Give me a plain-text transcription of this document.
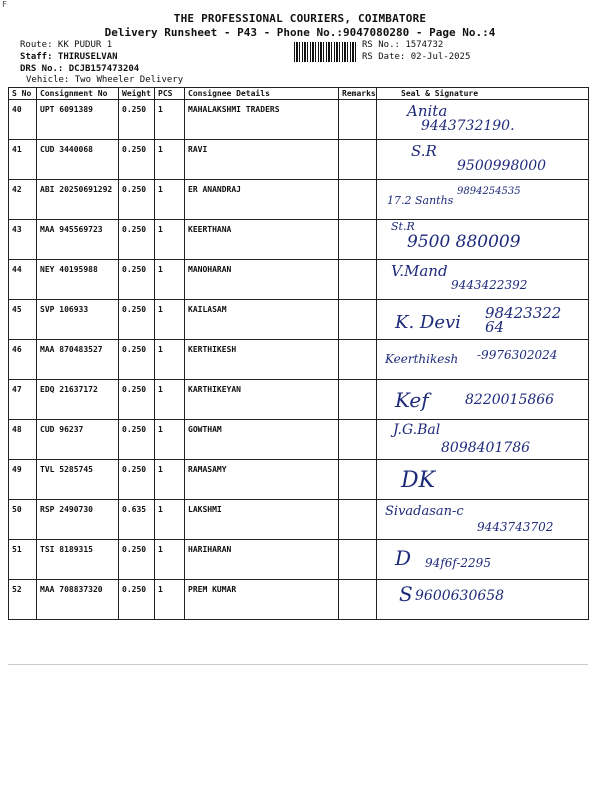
F
THE PROFESSIONAL COURIERS, COIMBATORE
Delivery Runsheet - P43 - Phone No.:9047080280 - Page No.:4
Route: KK PUDUR 1
Staff: THIRUSELVAN
DRS No.: DCJB157473204
Vehicle: Two Wheeler Delivery
RS No.: 1574732
RS Date: 02-Jul-2025
S No	Consignment No	Weight	PCS	Consignee Details	Remarks	Seal & Signature
40	UPT 6091389	0.250	1	MAHALAKSHMI TRADERS		Anita
9443732190.

41	CUD 3440068	0.250	1	RAVI		S.R
9500998000

42	ABI 20250691292	0.250	1	ER ANANDRAJ		17.2 Sanths
9894254535

43	MAA 945569723	0.250	1	KEERTHANA		St.R
9500 880009

44	NEY 40195988	0.250	1	MANOHARAN		V.Mand
9443422392

45	SVP 106933	0.250	1	KAILASAM		K. Devi 98423322 64

46	MAA 870483527	0.250	1	KERTHIKESH		Keerthikesh -9976302024

47	EDQ 21637172	0.250	1	KARTHIKEYAN		Kef 8220015866

48	CUD 96237	0.250	1	GOWTHAM		J.G.Bal
8098401786

49	TVL 5285745	0.250	1	RAMASAMY		DK

50	RSP 2490730	0.635	1	LAKSHMI		Sivadasan-c
9443743702

51	TSI 8189315	0.250	1	HARIHARAN		D 94f6f-2295

52	MAA 708837320	0.250	1	PREM KUMAR		S 9600630658
